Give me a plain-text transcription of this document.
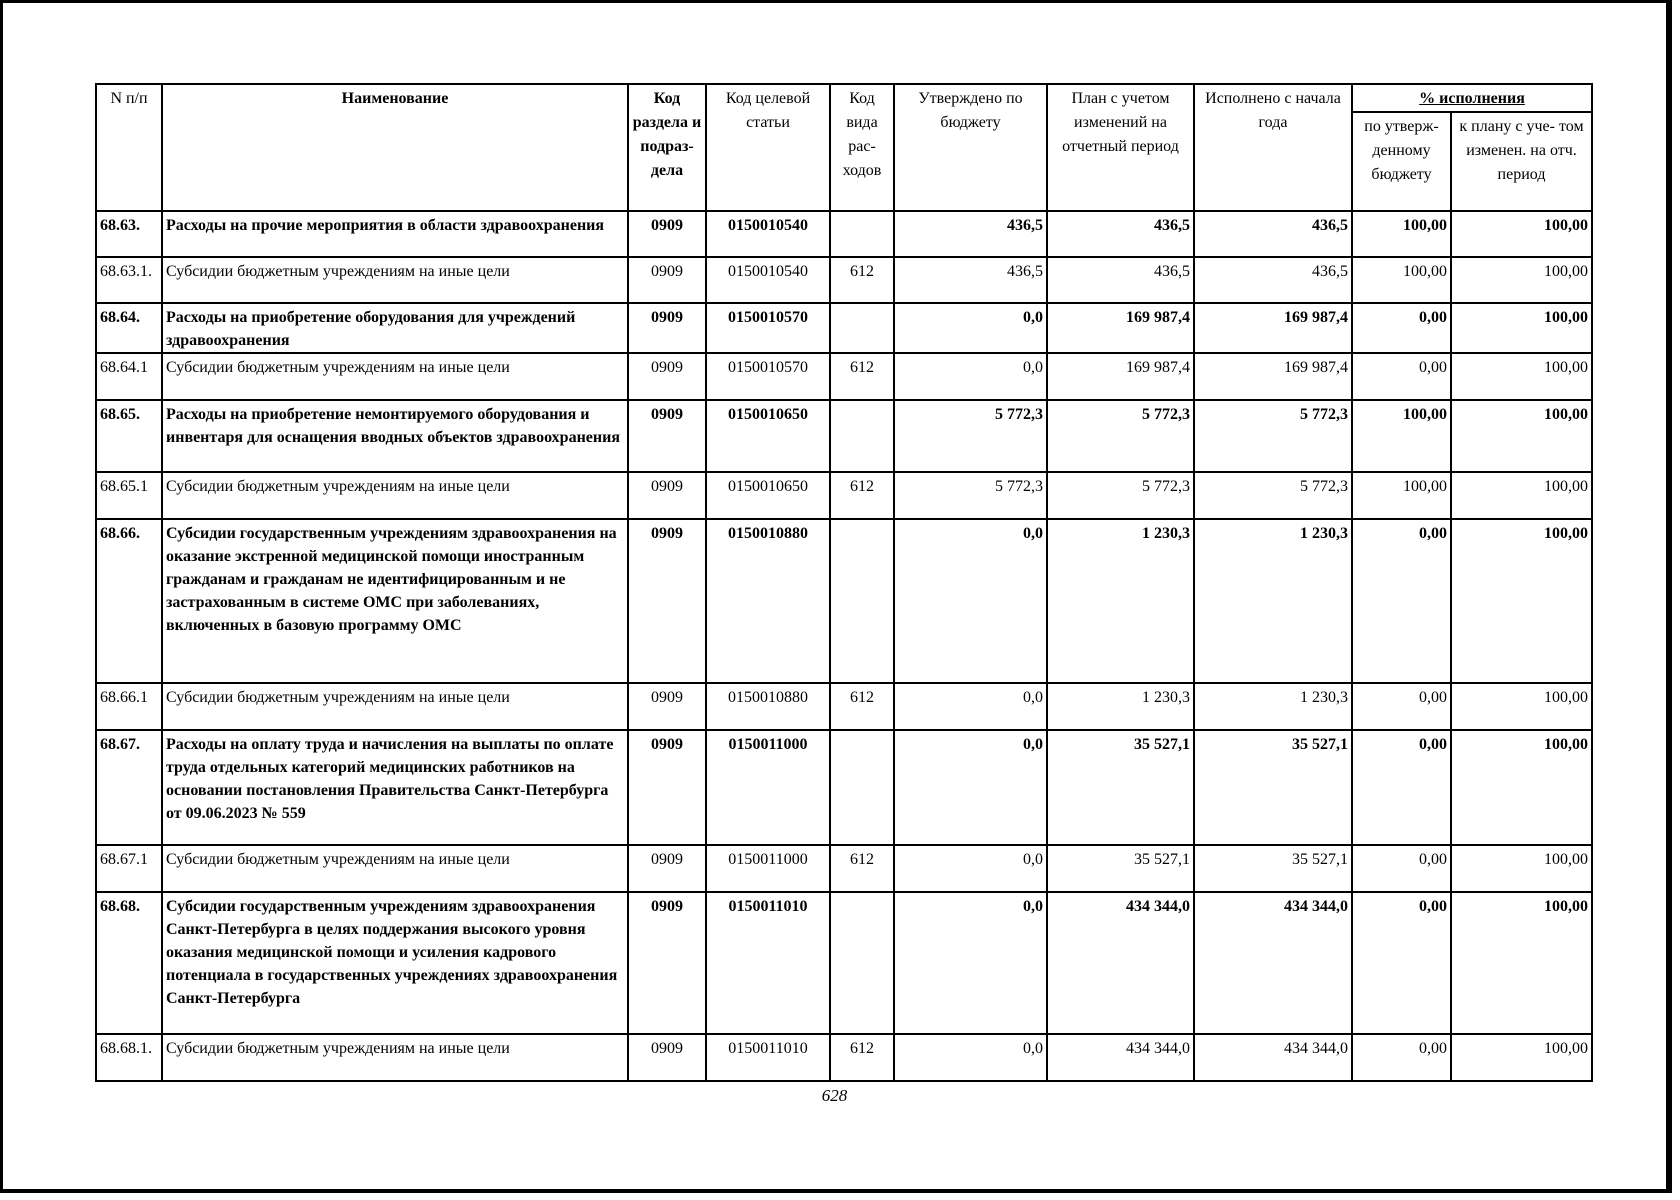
N п/п	Наименование	Код раздела и подраз- дела	Код целевой статьи	Код вида рас- ходов	Утверждено по бюджету	План с учетом изменений на отчетный период	Исполнено с начала года	% исполнения	
								по утверж- денному бюджету	к плану с уче- том изменен. на отч. период
68.63.	Расходы на прочие мероприятия в области здравоохранения	0909	0150010540		436,5	436,5	436,5	100,00	100,00
68.63.1.	Субсидии бюджетным учреждениям на иные цели	0909	0150010540	612	436,5	436,5	436,5	100,00	100,00
68.64.	Расходы на приобретение оборудования для учреждений здравоохранения	0909	0150010570		0,0	169 987,4	169 987,4	0,00	100,00
68.64.1	Субсидии бюджетным учреждениям на иные цели	0909	0150010570	612	0,0	169 987,4	169 987,4	0,00	100,00
68.65.	Расходы на приобретение немонтируемого оборудования и инвентаря для оснащения вводных объектов здравоохранения	0909	0150010650		5 772,3	5 772,3	5 772,3	100,00	100,00
68.65.1	Субсидии бюджетным учреждениям на иные цели	0909	0150010650	612	5 772,3	5 772,3	5 772,3	100,00	100,00
68.66.	Субсидии государственным учреждениям здравоохранения на оказание экстренной медицинской помощи иностранным гражданам и гражданам не идентифицированным и не застрахованным в системе ОМС при заболеваниях, включенных в базовую программу ОМС	0909	0150010880		0,0	1 230,3	1 230,3	0,00	100,00
68.66.1	Субсидии бюджетным учреждениям на иные цели	0909	0150010880	612	0,0	1 230,3	1 230,3	0,00	100,00
68.67.	Расходы на оплату труда и начисления на выплаты по оплате труда отдельных категорий медицинских работников на основании постановления Правительства Санкт-Петербурга от 09.06.2023 № 559	0909	0150011000		0,0	35 527,1	35 527,1	0,00	100,00
68.67.1	Субсидии бюджетным учреждениям на иные цели	0909	0150011000	612	0,0	35 527,1	35 527,1	0,00	100,00
68.68.	Субсидии государственным учреждениям здравоохранения Санкт-Петербурга в целях поддержания высокого уровня оказания медицинской помощи и усиления кадрового потенциала в государственных учреждениях здравоохранения Санкт-Петербурга	0909	0150011010		0,0	434 344,0	434 344,0	0,00	100,00
68.68.1.	Субсидии бюджетным учреждениям на иные цели	0909	0150011010	612	0,0	434 344,0	434 344,0	0,00	100,00
628
